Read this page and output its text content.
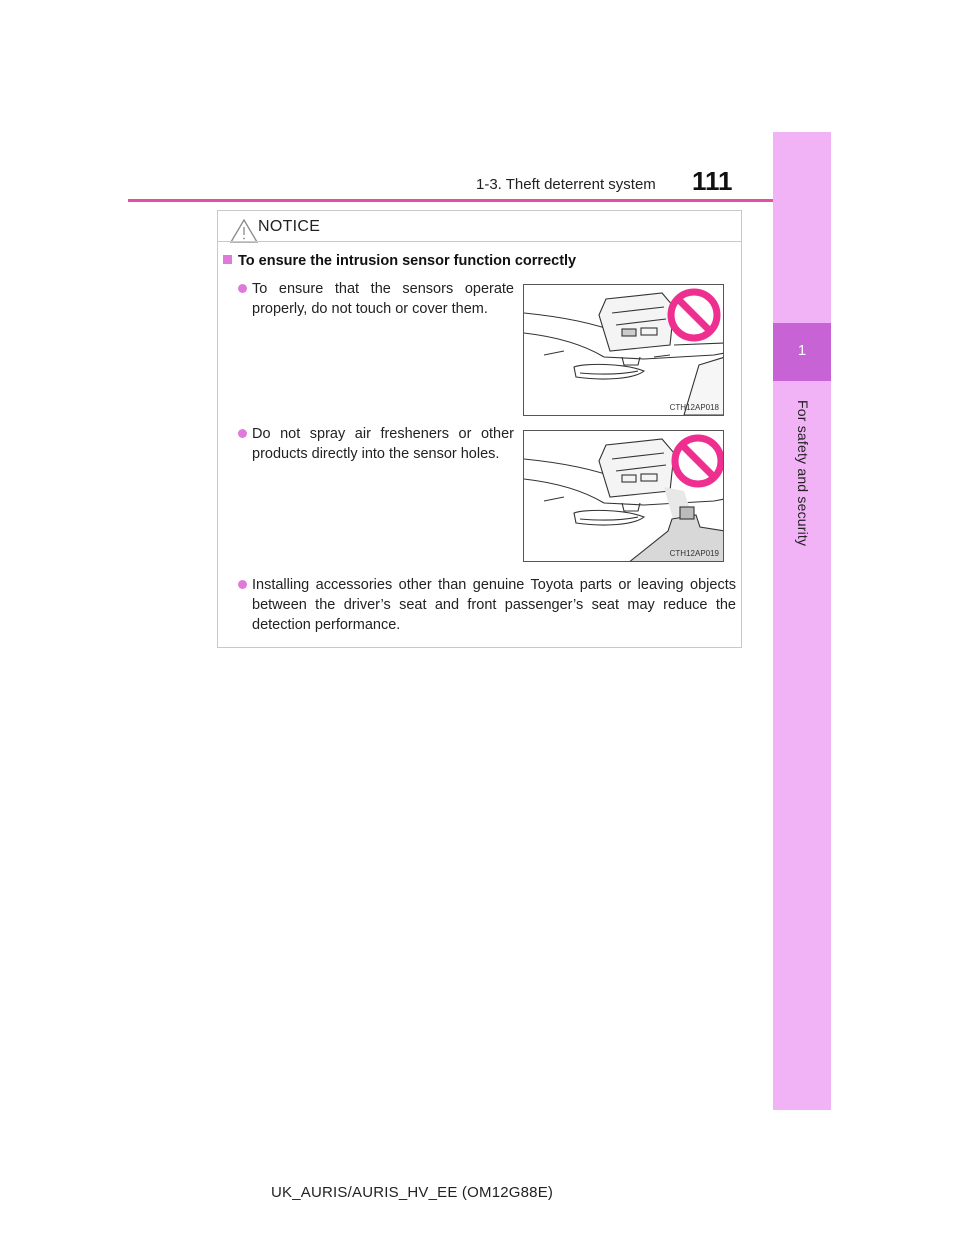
1-3. Theft deterrent system 111
1
For safety and security
NOTICE
To ensure the intrusion sensor function correctly
To ensure that the sensors operate properly, do not touch or cover them.
CTH12AP018
Do not spray air fresheners or other products directly into the sensor holes.
CTH12AP019
Installing accessories other than genuine Toyota parts or leaving objects between the driver’s seat and front passenger’s seat may reduce the detection performance.
UK_AURIS/AURIS_HV_EE (OM12G88E)
